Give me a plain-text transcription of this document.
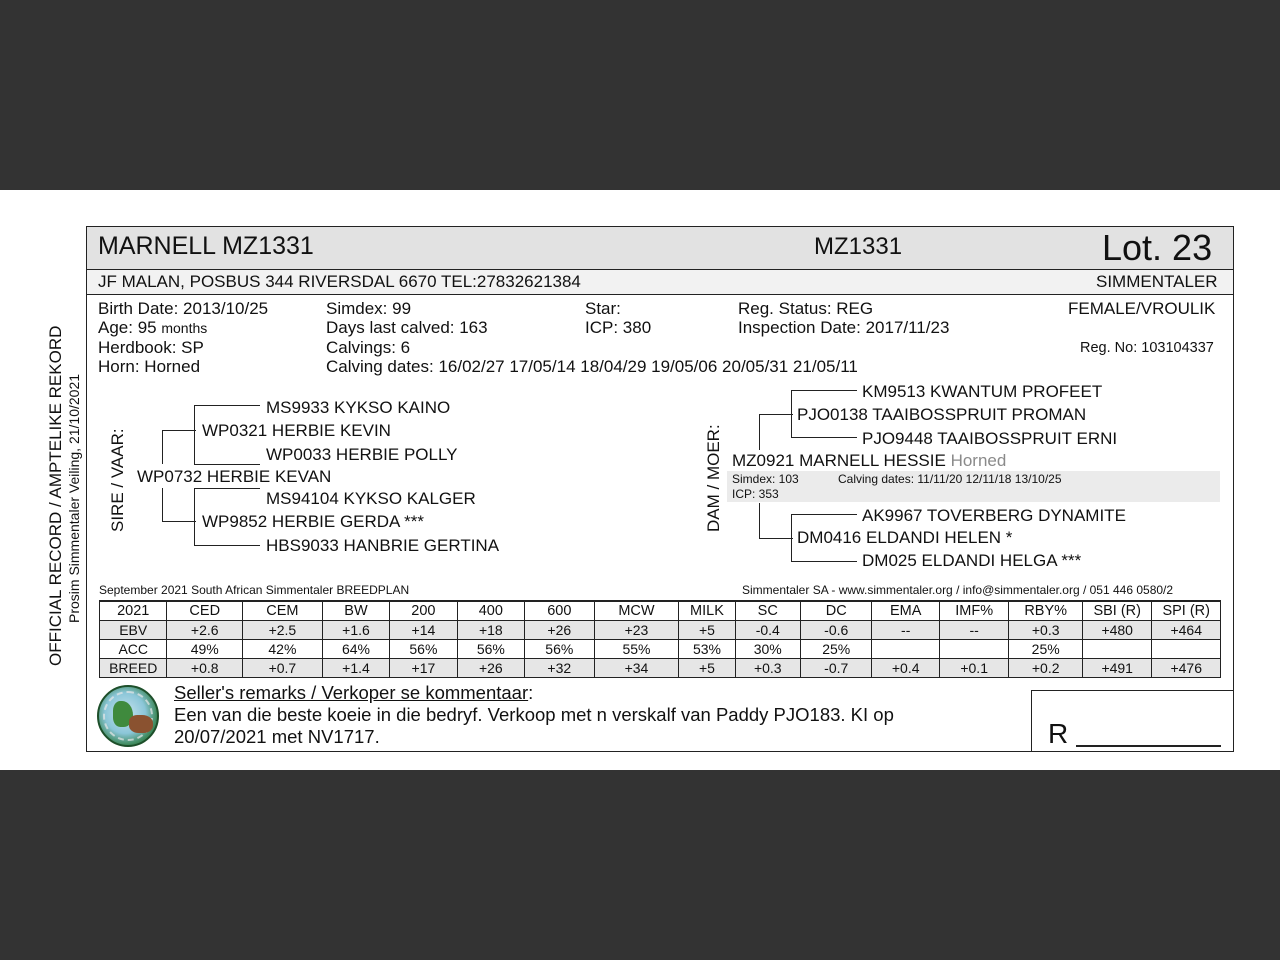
MARNELL MZ1331	MZ1331	Lot. 23
JF MALAN, POSBUS 344 RIVERSDAL 6670 TEL:27832621384	SIMMENTALER
OFFICIAL RECORD / AMPTELIKE REKORD Prosim Simmentaler Veiling, 21/10/2021
Birth Date: 2013/10/25
Age: 95 months
Herdbook: SP
Horn: Horned
Simdex: 99
Days last calved: 163
Calvings: 6
Calving dates: 16/02/27 17/05/14 18/04/29 19/05/06 20/05/31 21/05/11
Star:
ICP: 380
Reg. Status: REG
Inspection Date: 2017/11/23
FEMALE/VROULIK
Reg. No: 103104337
SIRE / VAAR:
MS9933 KYKSO KAINO
WP0321 HERBIE KEVIN
WP0033 HERBIE POLLY
WP0732 HERBIE KEVAN
MS94104 KYKSO KALGER
WP9852 HERBIE GERDA ***
HBS9033 HANBRIE GERTINA
DAM / MOER:
KM9513 KWANTUM PROFEET
PJO0138 TAAIBOSSPRUIT PROMAN
PJO9448 TAAIBOSSPRUIT ERNI
MZ0921 MARNELL HESSIE Horned
Simdex: 103	Calving dates: 11/11/20 12/11/18 13/10/25
ICP: 353
AK9967 TOVERBERG DYNAMITE
DM0416 ELDANDI HELEN *
DM025 ELDANDI HELGA ***
September 2021 South African Simmentaler BREEDPLAN	Simmentaler SA - www.simmentaler.org / info@simmentaler.org / 051 446 0580/2
2021	CED	CEM	BW	200	400	600	MCW	MILK	SC	DC	EMA	IMF%	RBY%	SBI (R)	SPI (R)
EBV	+2.6	+2.5	+1.6	+14	+18	+26	+23	+5	-0.4	-0.6	--	--	+0.3	+480	+464
ACC	49%	42%	64%	56%	56%	56%	55%	53%	30%	25%			25%		
BREED	+0.8	+0.7	+1.4	+17	+26	+32	+34	+5	+0.3	-0.7	+0.4	+0.1	+0.2	+491	+476
Seller's remarks / Verkoper se kommentaar:
Een van die beste koeie in die bedryf. Verkoop met n verskalf van Paddy PJO183. KI op
20/07/2021 met NV1717.	R
